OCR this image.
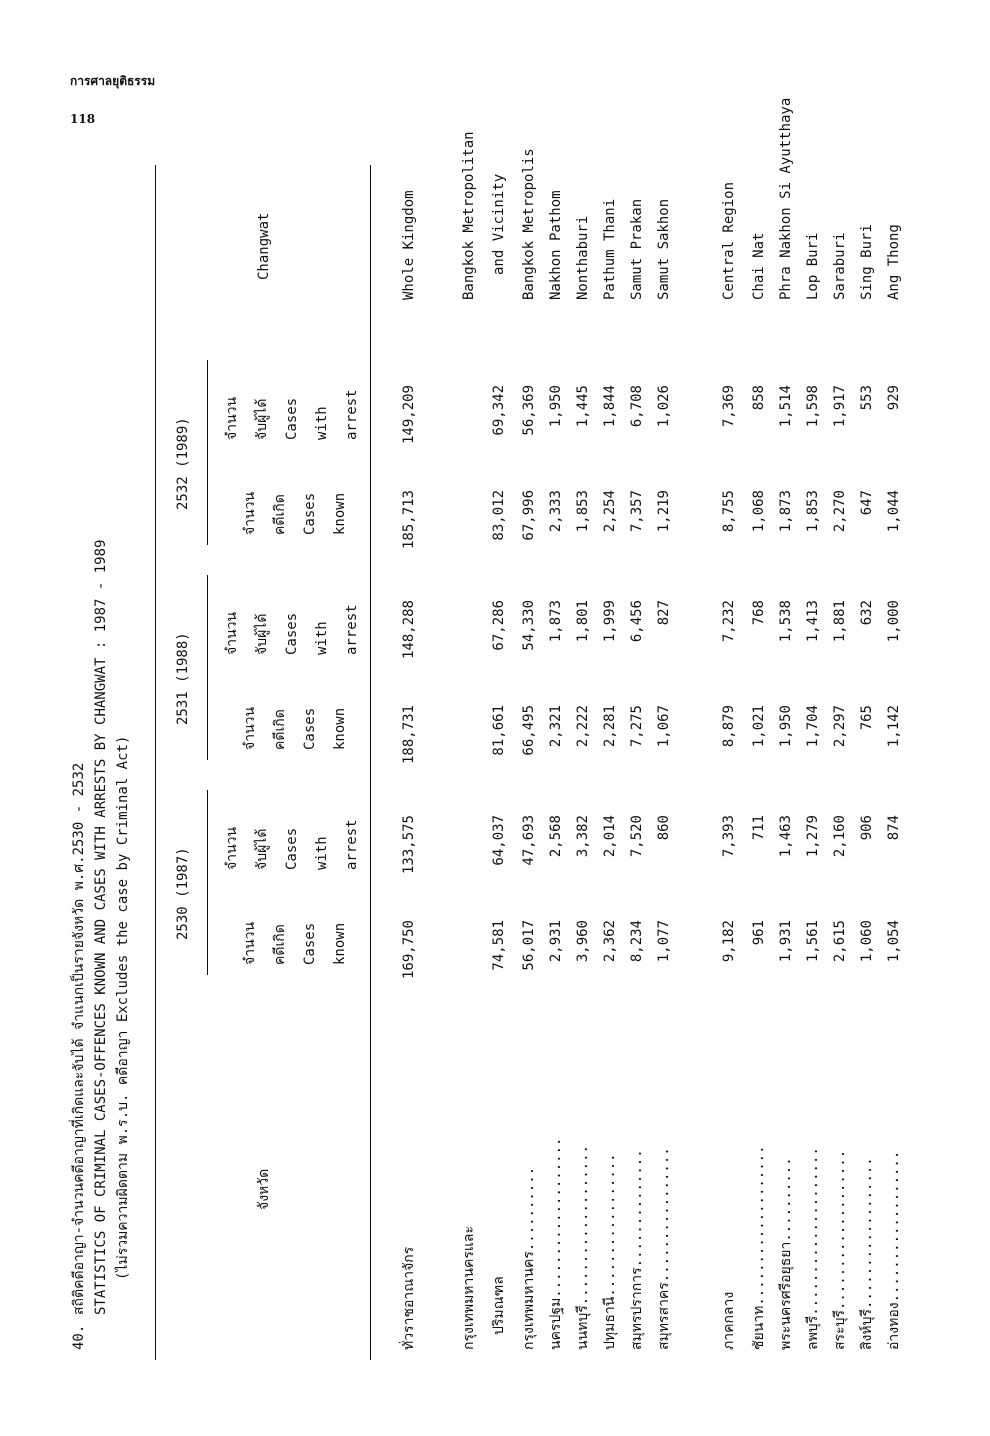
การศาลยุติธรรม
118
40.
สถิติคดีอาญา-จำนวนคดีอาญาที่เกิดและจับได้ จำแนกเป็นรายจังหวัด พ.ศ.2530 - 2532 STATISTICS OF CRIMINAL CASES-OFFENCES KNOWN AND CASES WITH ARRESTS BY CHANGWAT : 1987 - 1989 (ไม่รวมความผิดตาม พ.ร.บ. คดีอาญา Excludes the case by Criminal Act)	จังหวัด
Changwat
2530 (1987)
2531 (1988)
2532 (1989)
จำนวน คดีเกิด Cases known
จำนวน จับผู้ได้ Cases with arrest
จำนวน คดีเกิด Cases known
จำนวน จับผู้ได้ Cases with arrest
จำนวน คดีเกิด Cases known
จำนวน จับผู้ได้ Cases with arrest
ทั่วราชอาณาจักร
Whole Kingdom
169,750
133,575
188,731
148,288
185,713
149,209
กรุงเทพมหานครและ ปริมณฑล
Bangkok Metropolitan and Vicinity
74,581
64,037
81,661
67,286
83,012
69,342
กรุงเทพมหานคร..........
Bangkok Metropolis
56,017
47,693
66,495
54,330
67,996
56,369
นครปฐม...................
Nakhon Pathom
2,931
2,568
2,321
1,873
2,333
1,950
นนทบุรี...................
Nonthaburi
3,960
3,382
2,222
1,801
1,853
1,445
ปทุมธานี.................
Pathum Thani
2,362
2,014
2,281
1,999
2,254
1,844
สมุทรปราการ..............
Samut Prakan
8,234
7,520
7,275
6,456
7,357
6,708
สมุทรสาคร................
Samut Sakhon
1,077
860
1,067
827
1,219
1,026
ภาคกลาง
Central Region
9,182
7,393
8,879
7,232
8,755
7,369
ชัยนาท...................
Chai Nat
961
711
1,021
768
1,068
858
พระนครศรีอยุธยา..........
Phra Nakhon Si Ayutthaya
1,931
1,463
1,950
1,538
1,873
1,514
ลพบุรี....................
Lop Buri
1,561
1,279
1,704
1,413
1,853
1,598
สระบุรี...................
Saraburi
2,615
2,160
2,297
1,881
2,270
1,917
สิงห์บุรี..................
Sing Buri
1,060
906
765
632
647
553
อ่างทอง..................
Ang Thong
1,054
874
1,142
1,000
1,044
929
